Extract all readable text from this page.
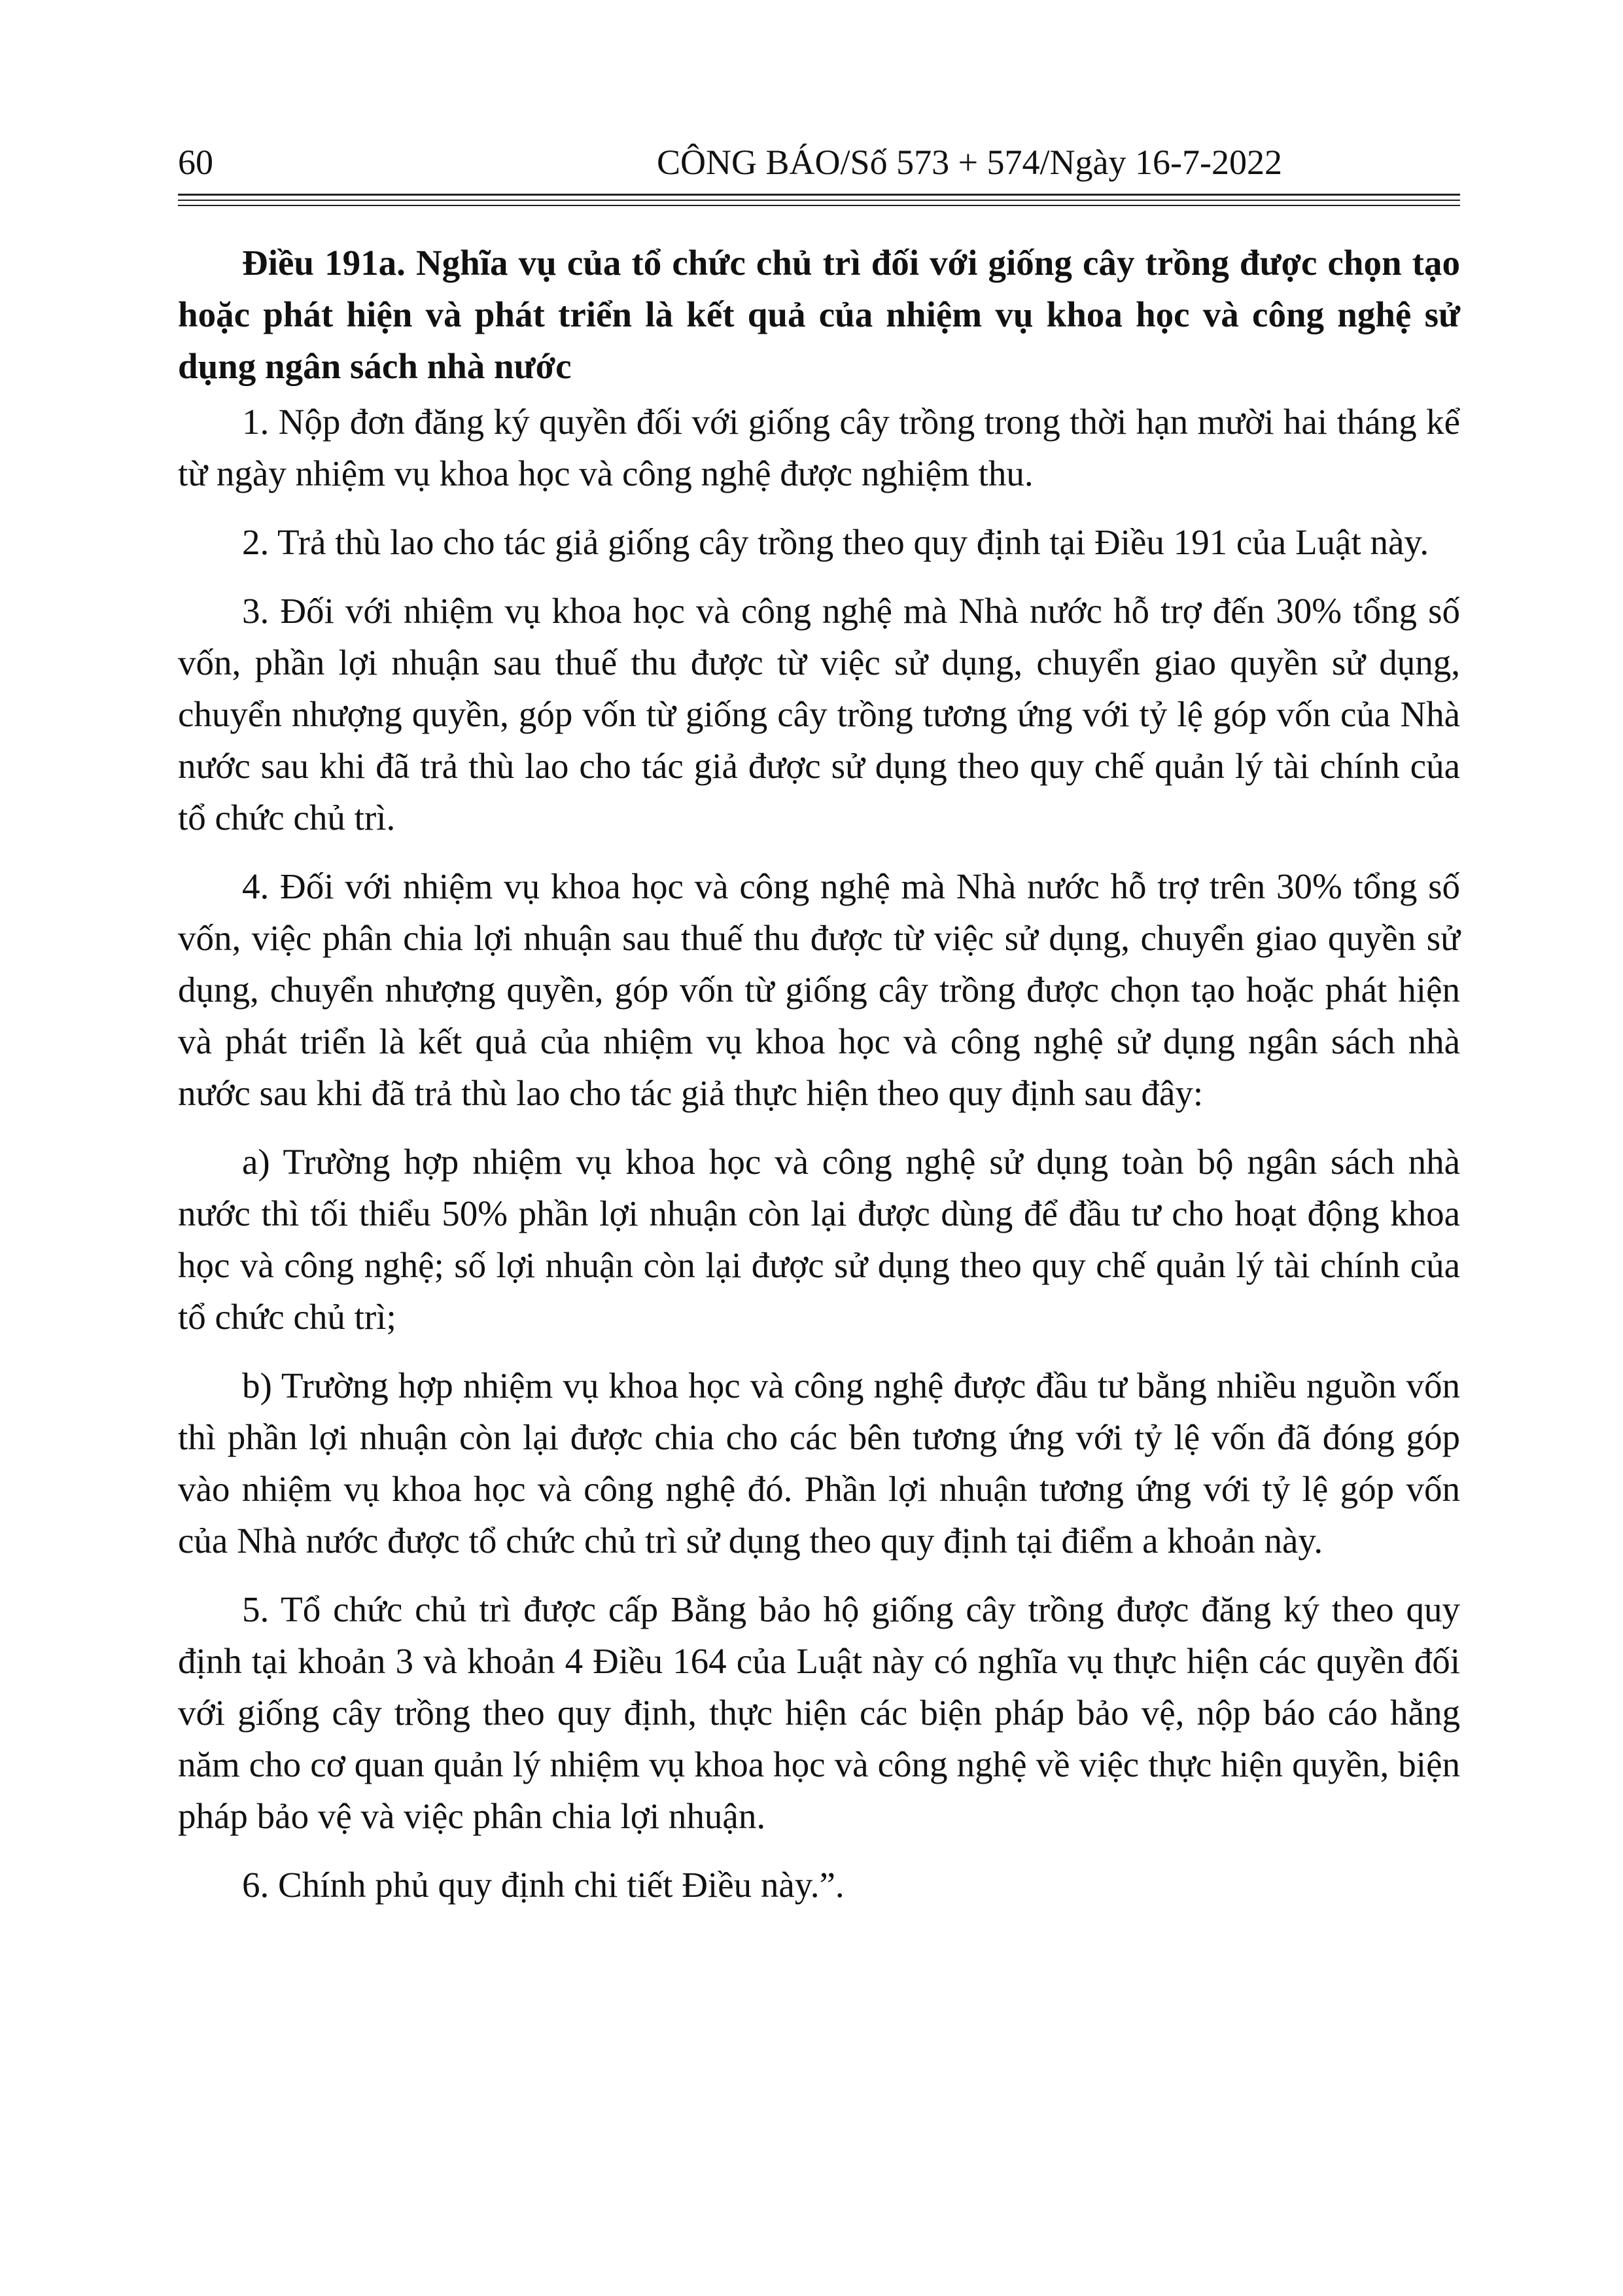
60	CÔNG BÁO/Số 573 + 574/Ngày 16-7-2022

Điều 191a. Nghĩa vụ của tổ chức chủ trì đối với giống cây trồng được chọn tạo hoặc phát hiện và phát triển là kết quả của nhiệm vụ khoa học và công nghệ sử dụng ngân sách nhà nước

1. Nộp đơn đăng ký quyền đối với giống cây trồng trong thời hạn mười hai tháng kể từ ngày nhiệm vụ khoa học và công nghệ được nghiệm thu.

2. Trả thù lao cho tác giả giống cây trồng theo quy định tại Điều 191 của Luật này.

3. Đối với nhiệm vụ khoa học và công nghệ mà Nhà nước hỗ trợ đến 30% tổng số vốn, phần lợi nhuận sau thuế thu được từ việc sử dụng, chuyển giao quyền sử dụng, chuyển nhượng quyền, góp vốn từ giống cây trồng tương ứng với tỷ lệ góp vốn của Nhà nước sau khi đã trả thù lao cho tác giả được sử dụng theo quy chế quản lý tài chính của tổ chức chủ trì.

4. Đối với nhiệm vụ khoa học và công nghệ mà Nhà nước hỗ trợ trên 30% tổng số vốn, việc phân chia lợi nhuận sau thuế thu được từ việc sử dụng, chuyển giao quyền sử dụng, chuyển nhượng quyền, góp vốn từ giống cây trồng được chọn tạo hoặc phát hiện và phát triển là kết quả của nhiệm vụ khoa học và công nghệ sử dụng ngân sách nhà nước sau khi đã trả thù lao cho tác giả thực hiện theo quy định sau đây:

a) Trường hợp nhiệm vụ khoa học và công nghệ sử dụng toàn bộ ngân sách nhà nước thì tối thiểu 50% phần lợi nhuận còn lại được dùng để đầu tư cho hoạt động khoa học và công nghệ; số lợi nhuận còn lại được sử dụng theo quy chế quản lý tài chính của tổ chức chủ trì;

b) Trường hợp nhiệm vụ khoa học và công nghệ được đầu tư bằng nhiều nguồn vốn thì phần lợi nhuận còn lại được chia cho các bên tương ứng với tỷ lệ vốn đã đóng góp vào nhiệm vụ khoa học và công nghệ đó. Phần lợi nhuận tương ứng với tỷ lệ góp vốn của Nhà nước được tổ chức chủ trì sử dụng theo quy định tại điểm a khoản này.

5. Tổ chức chủ trì được cấp Bằng bảo hộ giống cây trồng được đăng ký theo quy định tại khoản 3 và khoản 4 Điều 164 của Luật này có nghĩa vụ thực hiện các quyền đối với giống cây trồng theo quy định, thực hiện các biện pháp bảo vệ, nộp báo cáo hằng năm cho cơ quan quản lý nhiệm vụ khoa học và công nghệ về việc thực hiện quyền, biện pháp bảo vệ và việc phân chia lợi nhuận.

6. Chính phủ quy định chi tiết Điều này.”.
